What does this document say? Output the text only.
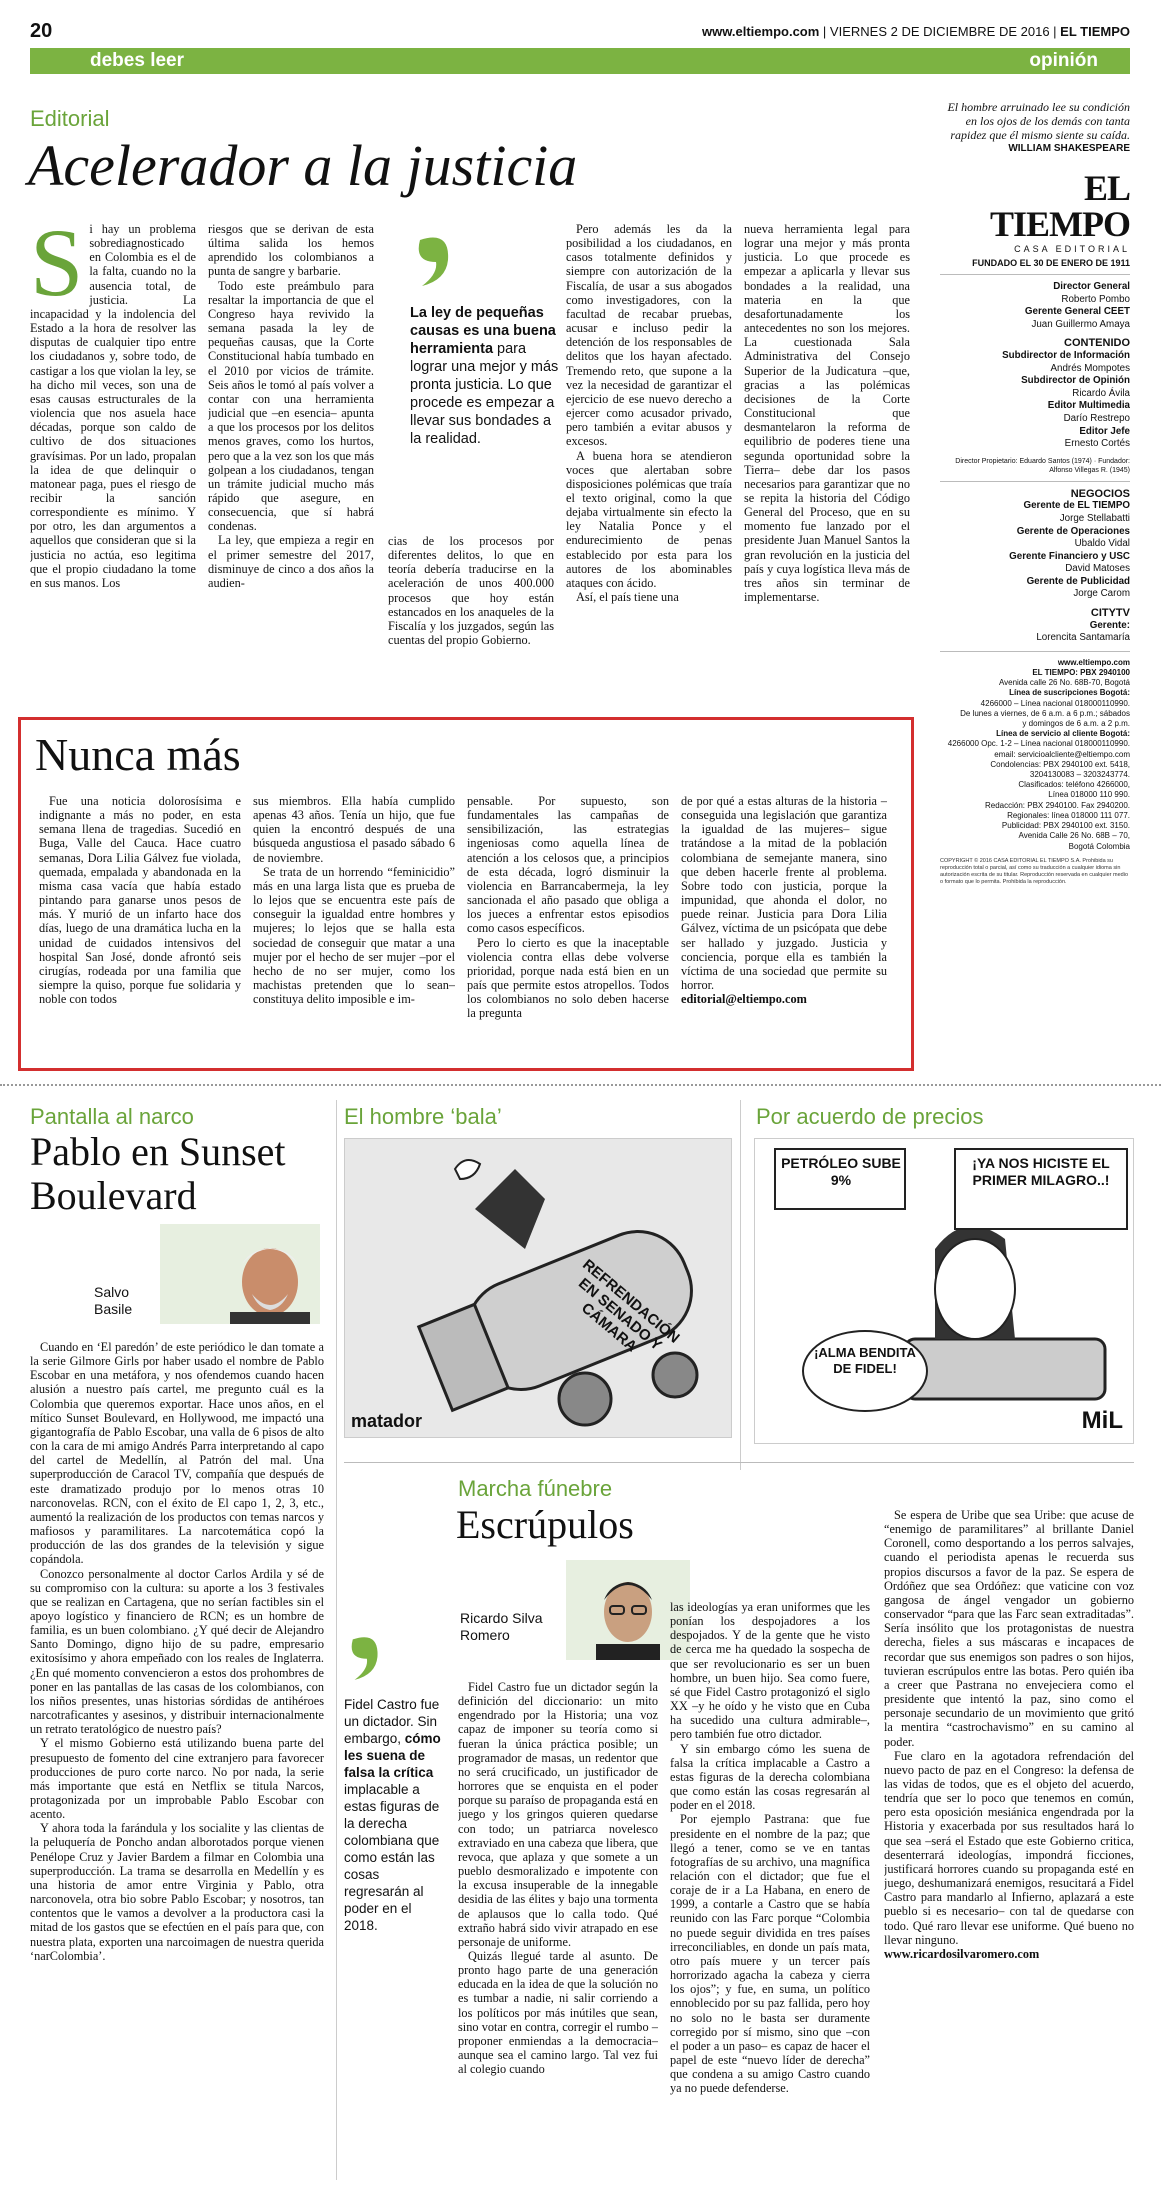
20	www.eltiempo.com | VIERNES 2 DE DICIEMBRE DE 2016 | EL TIEMPO
debes leer	opinión
Editorial
Acelerador a la justicia
S i hay un problema sobrediagnosticado en Colombia es el de la falta, cuando no la ausencia total, de justicia. La incapacidad y la indolencia del Estado a la hora de resolver las disputas de cualquier tipo entre los ciudadanos y, sobre todo, de castigar a los que violan la ley, se ha dicho mil veces, son una de esas causas estructurales de la violencia que nos asuela hace décadas, porque son caldo de cultivo de dos situaciones gravísimas. Por un lado, propalan la idea de que delinquir o matonear paga, pues el riesgo de recibir la sanción correspondiente es mínimo. Y por otro, les dan argumentos a aquellos que consideran que si la justicia no actúa, eso legitima que el propio ciudadano la tome en sus manos. Los

riesgos que se derivan de esta última salida los hemos aprendido los colombianos a punta de sangre y barbarie.

Todo este preámbulo para resaltar la importancia de que el Congreso haya revivido la semana pasada la ley de pequeñas causas, que la Corte Constitucional había tumbado en el 2010 por vicios de trámite. Seis años le tomó al país volver a contar con una herramienta judicial que –en esencia– apunta a que los procesos por los delitos menos graves, como los hurtos, pero que a la vez son los que más golpean a los ciudadanos, tengan un trámite judicial mucho más rápido que asegure, en consecuencia, que sí habrá condenas.

La ley, que empieza a regir en el primer semestre del 2017, disminuye de cinco a dos años la audien-

La ley de pequeñas causas es una buena herramienta para lograr una mejor y más pronta justicia. Lo que procede es empezar a llevar sus bondades a la realidad.

cias de los procesos por diferentes delitos, lo que en teoría debería traducirse en la aceleración de unos 400.000 procesos que hoy están estancados en los anaqueles de la Fiscalía y los juzgados, según las cuentas del propio Gobierno.

Pero además les da la posibilidad a los ciudadanos, en casos totalmente definidos y siempre con autorización de la Fiscalía, de usar a sus abogados como investigadores, con la facultad de recabar pruebas, acusar e incluso pedir la detención de los responsables de delitos que los hayan afectado. Tremendo reto, que supone a la vez la necesidad de garantizar el ejercicio de ese nuevo derecho a ejercer como acusador privado, pero también a evitar abusos y excesos.

A buena hora se atendieron voces que alertaban sobre disposiciones polémicas que traía el texto original, como la que dejaba virtualmente sin efecto la ley Natalia Ponce y el endurecimiento de penas establecido por esta para los autores de los abominables ataques con ácido.

Así, el país tiene una

nueva herramienta legal para lograr una mejor y más pronta justicia. Lo que procede es empezar a aplicarla y llevar sus bondades a la realidad, una materia en la que desafortunadamente los antecedentes no son los mejores. La cuestionada Sala Administrativa del Consejo Superior de la Judicatura –que, gracias a las polémicas decisiones de la Corte Constitucional que desmantelaron la reforma de equilibrio de poderes tiene una segunda oportunidad sobre la Tierra– debe dar los pasos necesarios para garantizar que no se repita la historia del Código General del Proceso, que en su momento fue lanzado por el presidente Juan Manuel Santos la gran revolución en la justicia del país y cuya logística lleva más de tres años sin terminar de implementarse.

El hombre arruinado lee su condición en los ojos de los demás con tanta rapidez que él mismo siente su caída.
WILLIAM SHAKESPEARE
EL TIEMPO
CASA EDITORIAL
FUNDADO EL 30 DE ENERO DE 1911
Director General
Roberto Pombo
Gerente General CEET
Juan Guillermo Amaya
CONTENIDO
Subdirector de Información
Andrés Mompotes
Subdirector de Opinión
Ricardo Ávila
Editor Multimedia
Darío Restrepo
Editor Jefe
Ernesto Cortés
Director Propietario: Eduardo Santos (1974) · Fundador: Alfonso Villegas R. (1945)
NEGOCIOS
Gerente de EL TIEMPO
Jorge Stellabatti
Gerente de Operaciones
Ubaldo Vidal
Gerente Financiero y USC
David Matoses
Gerente de Publicidad
Jorge Carom
CITYTV
Gerente:
Lorencita Santamaría
www.eltiempo.com
EL TIEMPO: PBX 2940100
Avenida calle 26 No. 68B-70, Bogotá
Línea de suscripciones Bogotá:
4266000 – Línea nacional 018000110990.
De lunes a viernes, de 6 a.m. a 6 p.m.; sábados
y domingos de 6 a.m. a 2 p.m.
Línea de servicio al cliente Bogotá:
4266000 Opc. 1-2 – Línea nacional 018000110990.
email: servicioalcliente@eltiempo.com
Condolencias: PBX 2940100 ext. 5418,
3204130083 – 3203243774.
Clasificados: teléfono 4266000,
Línea 018000 110 990.
Redacción: PBX 2940100. Fax 2940200.
Regionales: línea 018000 111 077.
Publicidad: PBX 2940100 ext. 3150.
Avenida Calle 26 No. 68B – 70,
Bogotá Colombia
COPYRIGHT © 2016 CASA EDITORIAL EL TIEMPO S.A. Prohibida su reproducción total o parcial, así como su traducción a cualquier idioma sin autorización escrita de su titular. Reproducción reservada en cualquier medio o formato que lo permita. Prohibida la reproducción.
Nunca más

Fue una noticia dolorosísima e indignante a más no poder, en esta semana llena de tragedias. Sucedió en Buga, Valle del Cauca. Hace cuatro semanas, Dora Lilia Gálvez fue violada, quemada, empalada y abandonada en la misma casa vacía que había estado pintando para ganarse unos pesos de más. Y murió de un infarto hace dos días, luego de una dramática lucha en la unidad de cuidados intensivos del hospital San José, donde afrontó seis cirugías, rodeada por una familia que siempre la quiso, porque fue solidaria y noble con todos

sus miembros. Ella había cumplido apenas 43 años. Tenía un hijo, que fue quien la encontró después de una búsqueda angustiosa el pasado sábado 6 de noviembre.

Se trata de un horrendo “feminicidio” más en una larga lista que es prueba de lo lejos que se encuentra este país de conseguir la igualdad entre hombres y mujeres; lo lejos que se halla esta sociedad de conseguir que matar a una mujer por el hecho de ser mujer –por el hecho de no ser mujer, como los machistas pretenden que lo sean– constituya delito imposible e im-

pensable. Por supuesto, son fundamentales las campañas de sensibilización, las estrategias ingeniosas como aquella línea de atención a los celosos que, a principios de esta década, logró disminuir la violencia en Barrancabermeja, la ley sancionada el año pasado que obliga a los jueces a enfrentar estos episodios como casos específicos.

Pero lo cierto es que la inaceptable violencia contra ellas debe volverse prioridad, porque nada está bien en un país que permite estos atropellos. Todos los colombianos no solo deben hacerse la pregunta

de por qué a estas alturas de la historia –conseguida una legislación que garantiza la igualdad de las mujeres– sigue tratándose a la mitad de la población colombiana de semejante manera, sino que deben hacerle frente al problema. Sobre todo con justicia, porque la impunidad, que ahonda el dolor, no puede reinar. Justicia para Dora Lilia Gálvez, víctima de un psicópata que debe ser hallado y juzgado. Justicia y conciencia, porque ella es también la víctima de una sociedad que permite su horror.

editorial@eltiempo.com

Pantalla al narco
Pablo en Sunset Boulevard
Salvo Basile

Cuando en ‘El paredón’ de este periódico le dan tomate a la serie Gilmore Girls por haber usado el nombre de Pablo Escobar en una metáfora, y nos ofendemos cuando hacen alusión a nuestro país cartel, me pregunto cuál es la Colombia que queremos exportar. Hace unos años, en el mítico Sunset Boulevard, en Hollywood, me impactó una gigantografía de Pablo Escobar, una valla de 6 pisos de alto con la cara de mi amigo Andrés Parra interpretando al capo del cartel de Medellín, al Patrón del mal. Una superproducción de Caracol TV, compañía que después de este dramatizado produjo por lo menos otras 10 narconovelas. RCN, con el éxito de El capo 1, 2, 3, etc., aumentó la realización de los productos con temas narcos y mafiosos y paramilitares. La narcotemática copó la producción de las dos grandes de la televisión y sigue copándola.

Conozco personalmente al doctor Carlos Ardila y sé de su compromiso con la cultura: su aporte a los 3 festivales que se realizan en Cartagena, que no serían factibles sin el apoyo logístico y financiero de RCN; es un hombre de familia, es un buen colombiano. ¿Y qué decir de Alejandro Santo Domingo, digno hijo de su padre, empresario exitosísimo y ahora empeñado con los reales de Inglaterra. ¿En qué momento convencieron a estos dos prohombres de poner en las pantallas de las casas de los colombianos, con los niños presentes, unas historias sórdidas de antihéroes narcotraficantes y asesinos, y distribuir internacionalmente un retrato teratológico de nuestro país?

Y el mismo Gobierno está utilizando buena parte del presupuesto de fomento del cine extranjero para favorecer producciones de puro corte narco. No por nada, la serie más importante que está en Netflix se titula Narcos, protagonizada por un improbable Pablo Escobar con acento.

Y ahora toda la farándula y los socialite y las clientas de la peluquería de Poncho andan alborotados porque vienen Penélope Cruz y Javier Bardem a filmar en Colombia una superproducción. La trama se desarrolla en Medellín y es una historia de amor entre Virginia y Pablo, otra narconovela, otra bio sobre Pablo Escobar; y nosotros, tan contentos que le vamos a devolver a la productora casi la mitad de los gastos que se efectúen en el país para que, con nuestra plata, exporten una narcoimagen de nuestra querida ‘narColombia’.

El hombre ‘bala’
REFRENDACIÓN EN SENADO Y CÁMARA
matador
Por acuerdo de precios
PETRÓLEO SUBE 9%
¡YA NOS HICISTE EL PRIMER MILAGRO..!
¡ALMA BENDITA DE FIDEL!
MiL
Marcha fúnebre
Escrúpulos
Ricardo Silva Romero
Fidel Castro fue un dictador. Sin embargo, cómo les suena de falsa la crítica implacable a estas figuras de la derecha colombiana que como están las cosas regresarán al poder en el 2018.

Fidel Castro fue un dictador según la definición del diccionario: un mito engendrado por la Historia; una voz capaz de imponer su teoría como si fueran la única práctica posible; un programador de masas, un redentor que no será crucificado, un justificador de horrores que se enquista en el poder porque su paraíso de propaganda está en juego y los gringos quieren quedarse con todo; un patriarca novelesco extraviado en una cabeza que libera, que revoca, que aplaza y que somete a un pueblo desmoralizado e impotente con la excusa insuperable de la innegable desidia de las élites y bajo una tormenta de aplausos que lo calla todo. Qué extraño habrá sido vivir atrapado en ese personaje de uniforme.

Quizás llegué tarde al asunto. De pronto hago parte de una generación educada en la idea de que la solución no es tumbar a nadie, ni salir corriendo a los políticos por más inútiles que sean, sino votar en contra, corregir el rumbo –proponer enmiendas a la democracia– aunque sea el camino largo. Tal vez fui al colegio cuando

las ideologías ya eran uniformes que les ponían los despojadores a los despojados. Y de la gente que he visto de cerca me ha quedado la sospecha de que ser revolucionario es ser un buen hombre, un buen hijo. Sea como fuere, sé que Fidel Castro protagonizó el siglo XX –y he oído y he visto que en Cuba ha sucedido una cultura admirable–, pero también fue otro dictador.

Y sin embargo cómo les suena de falsa la crítica implacable a Castro a estas figuras de la derecha colombiana que como están las cosas regresarán al poder en el 2018.

Por ejemplo Pastrana: que fue presidente en el nombre de la paz; que llegó a tener, como se ve en tantas fotografías de su archivo, una magnífica relación con el dictador; que fue el coraje de ir a La Habana, en enero de 1999, a contarle a Castro que se había reunido con las Farc porque “Colombia no puede seguir dividida en tres países irreconciliables, en donde un país mata, otro país muere y un tercer país horrorizado agacha la cabeza y cierra los ojos”; y fue, en suma, un político ennoblecido por su paz fallida, pero hoy no solo no le basta ser duramente corregido por sí mismo, sino que –con el poder a un paso– es capaz de hacer el papel de este “nuevo líder de derecha” que condena a su amigo Castro cuando ya no puede defenderse.

Se espera de Uribe que sea Uribe: que acuse de “enemigo de paramilitares” al brillante Daniel Coronell, como desportando a los perros salvajes, cuando el periodista apenas le recuerda sus propios discursos a favor de la paz. Se espera de Ordóñez que sea Ordóñez: que vaticine con voz gangosa de ángel vengador un gobierno conservador “para que las Farc sean extraditadas”. Sería insólito que los protagonistas de nuestra derecha, fieles a sus máscaras e incapaces de recordar que sus enemigos son padres o son hijos, tuvieran escrúpulos entre las botas. Pero quién iba a creer que Pastrana no envejeciera como el presidente que intentó la paz, sino como el personaje secundario de un movimiento que gritó la mentira “castrochavismo” en su camino al poder.

Fue claro en la agotadora refrendación del nuevo pacto de paz en el Congreso: la defensa de las vidas de todos, que es el objeto del acuerdo, tendría que ser lo poco que tenemos en común, pero esta oposición mesiánica engendrada por la Historia y exacerbada por sus resultados hará lo que sea –será el Estado que este Gobierno critica, desenterrará ideologías, impondrá ficciones, justificará horrores cuando su propaganda esté en juego, deshumanizará enemigos, resucitará a Fidel Castro para mandarlo al Infierno, aplazará a este pueblo si es necesario– con tal de quedarse con todo. Qué raro llevar ese uniforme. Qué bueno no llevar ninguno.

www.ricardosilvaromero.com
